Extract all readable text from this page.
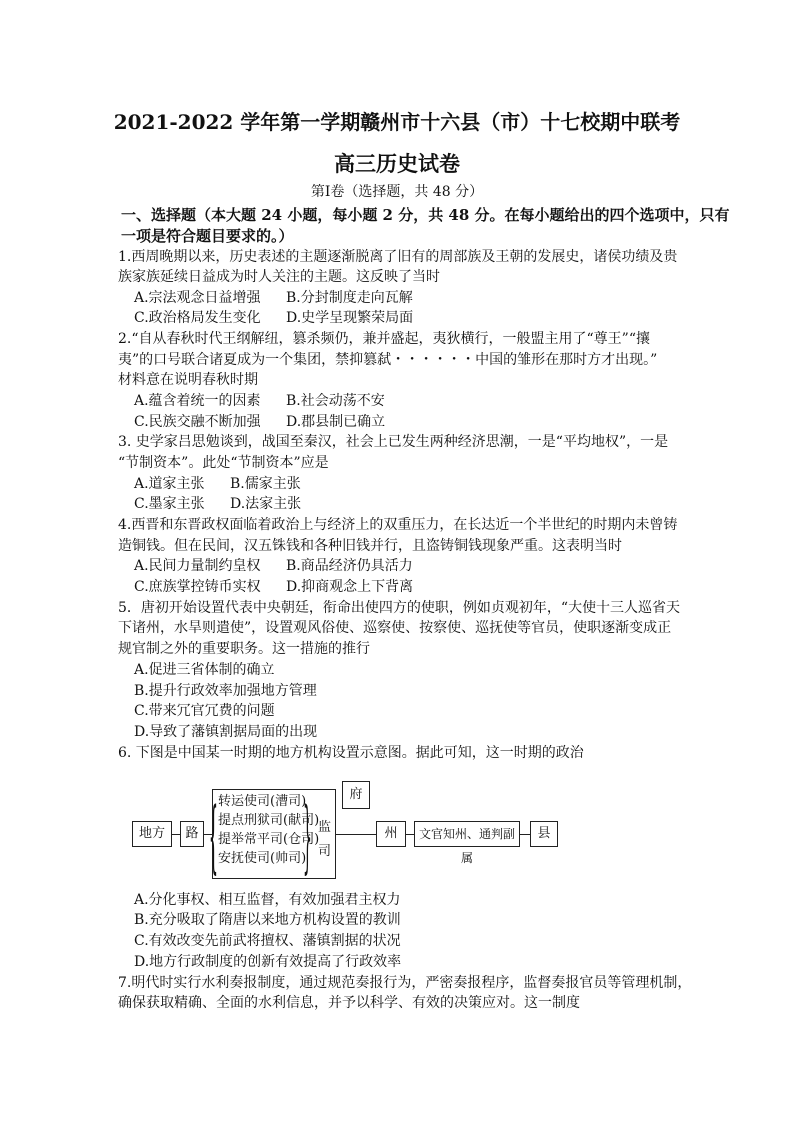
2021-2022 学年第一学期赣州市十六县（市）十七校期中联考
高三历史试卷
第Ⅰ卷（选择题，共 48 分）
一、选择题（本大题 24 小题，每小题 2 分，共 48 分。在每小题给出的四个选项中，只有
一项是符合题目要求的。）
1.西周晚期以来，历史表述的主题逐渐脱离了旧有的周部族及王朝的发展史，诸侯功绩及贵
族家族延续日益成为时人关注的主题。这反映了当时
A.宗法观念日益增强 B.分封制度走向瓦解
C.政治格局发生变化 D.史学呈现繁荣局面
2.“自从春秋时代王纲解纽，篡杀频仍，兼并盛起，夷狄横行，一般盟主用了“尊王”“攘
夷”的口号联合诸夏成为一个集团，禁抑篡弑・・・・・・中国的雏形在那时方才出现。”
材料意在说明春秋时期
A.蕴含着统一的因素 B.社会动荡不安
C.民族交融不断加强 D.郡县制已确立
3. 史学家吕思勉谈到，战国至秦汉，社会上已发生两种经济思潮，一是“平均地权”，一是
“节制资本”。此处“节制资本”应是
A.道家主张 B.儒家主张
C.墨家主张 D.法家主张
4.西晋和东晋政权面临着政治上与经济上的双重压力，在长达近一个半世纪的时期内未曾铸
造铜钱。但在民间，汉五铢钱和各种旧钱并行，且盗铸铜钱现象严重。这表明当时
A.民间力量制约皇权 B.商品经济仍具活力
C.庶族掌控铸币实权 D.抑商观念上下背离
5．唐初开始设置代表中央朝廷，衔命出使四方的使职，例如贞观初年，“大使十三人巡省天
下诸州，水旱则遣使”，设置观风俗使、巡察使、按察使、巡抚使等官员，使职逐渐变成正
规官制之外的重要职务。这一措施的推行
A.促进三省体制的确立
B.提升行政效率加强地方管理
C.带来冗官冗费的问题
D.导致了藩镇割据局面的出现
6. 下图是中国某一时期的地方机构设置示意图。据此可知，这一时期的政治
地方	路 { 转运使司(漕司)
提点刑狱司(献司)
提举常平司(仓司)
安抚使司(帅司)
} 监
司
府
州	文官知州、通判副属
县
A.分化事权、相互监督，有效加强君主权力
B.充分吸取了隋唐以来地方机构设置的教训
C.有效改变先前武将擅权、藩镇割据的状况
D.地方行政制度的创新有效提高了行政效率
7.明代时实行水利奏报制度，通过规范奏报行为，严密奏报程序，监督奏报官员等管理机制，
确保获取精确、全面的水利信息，并予以科学、有效的决策应对。这一制度
